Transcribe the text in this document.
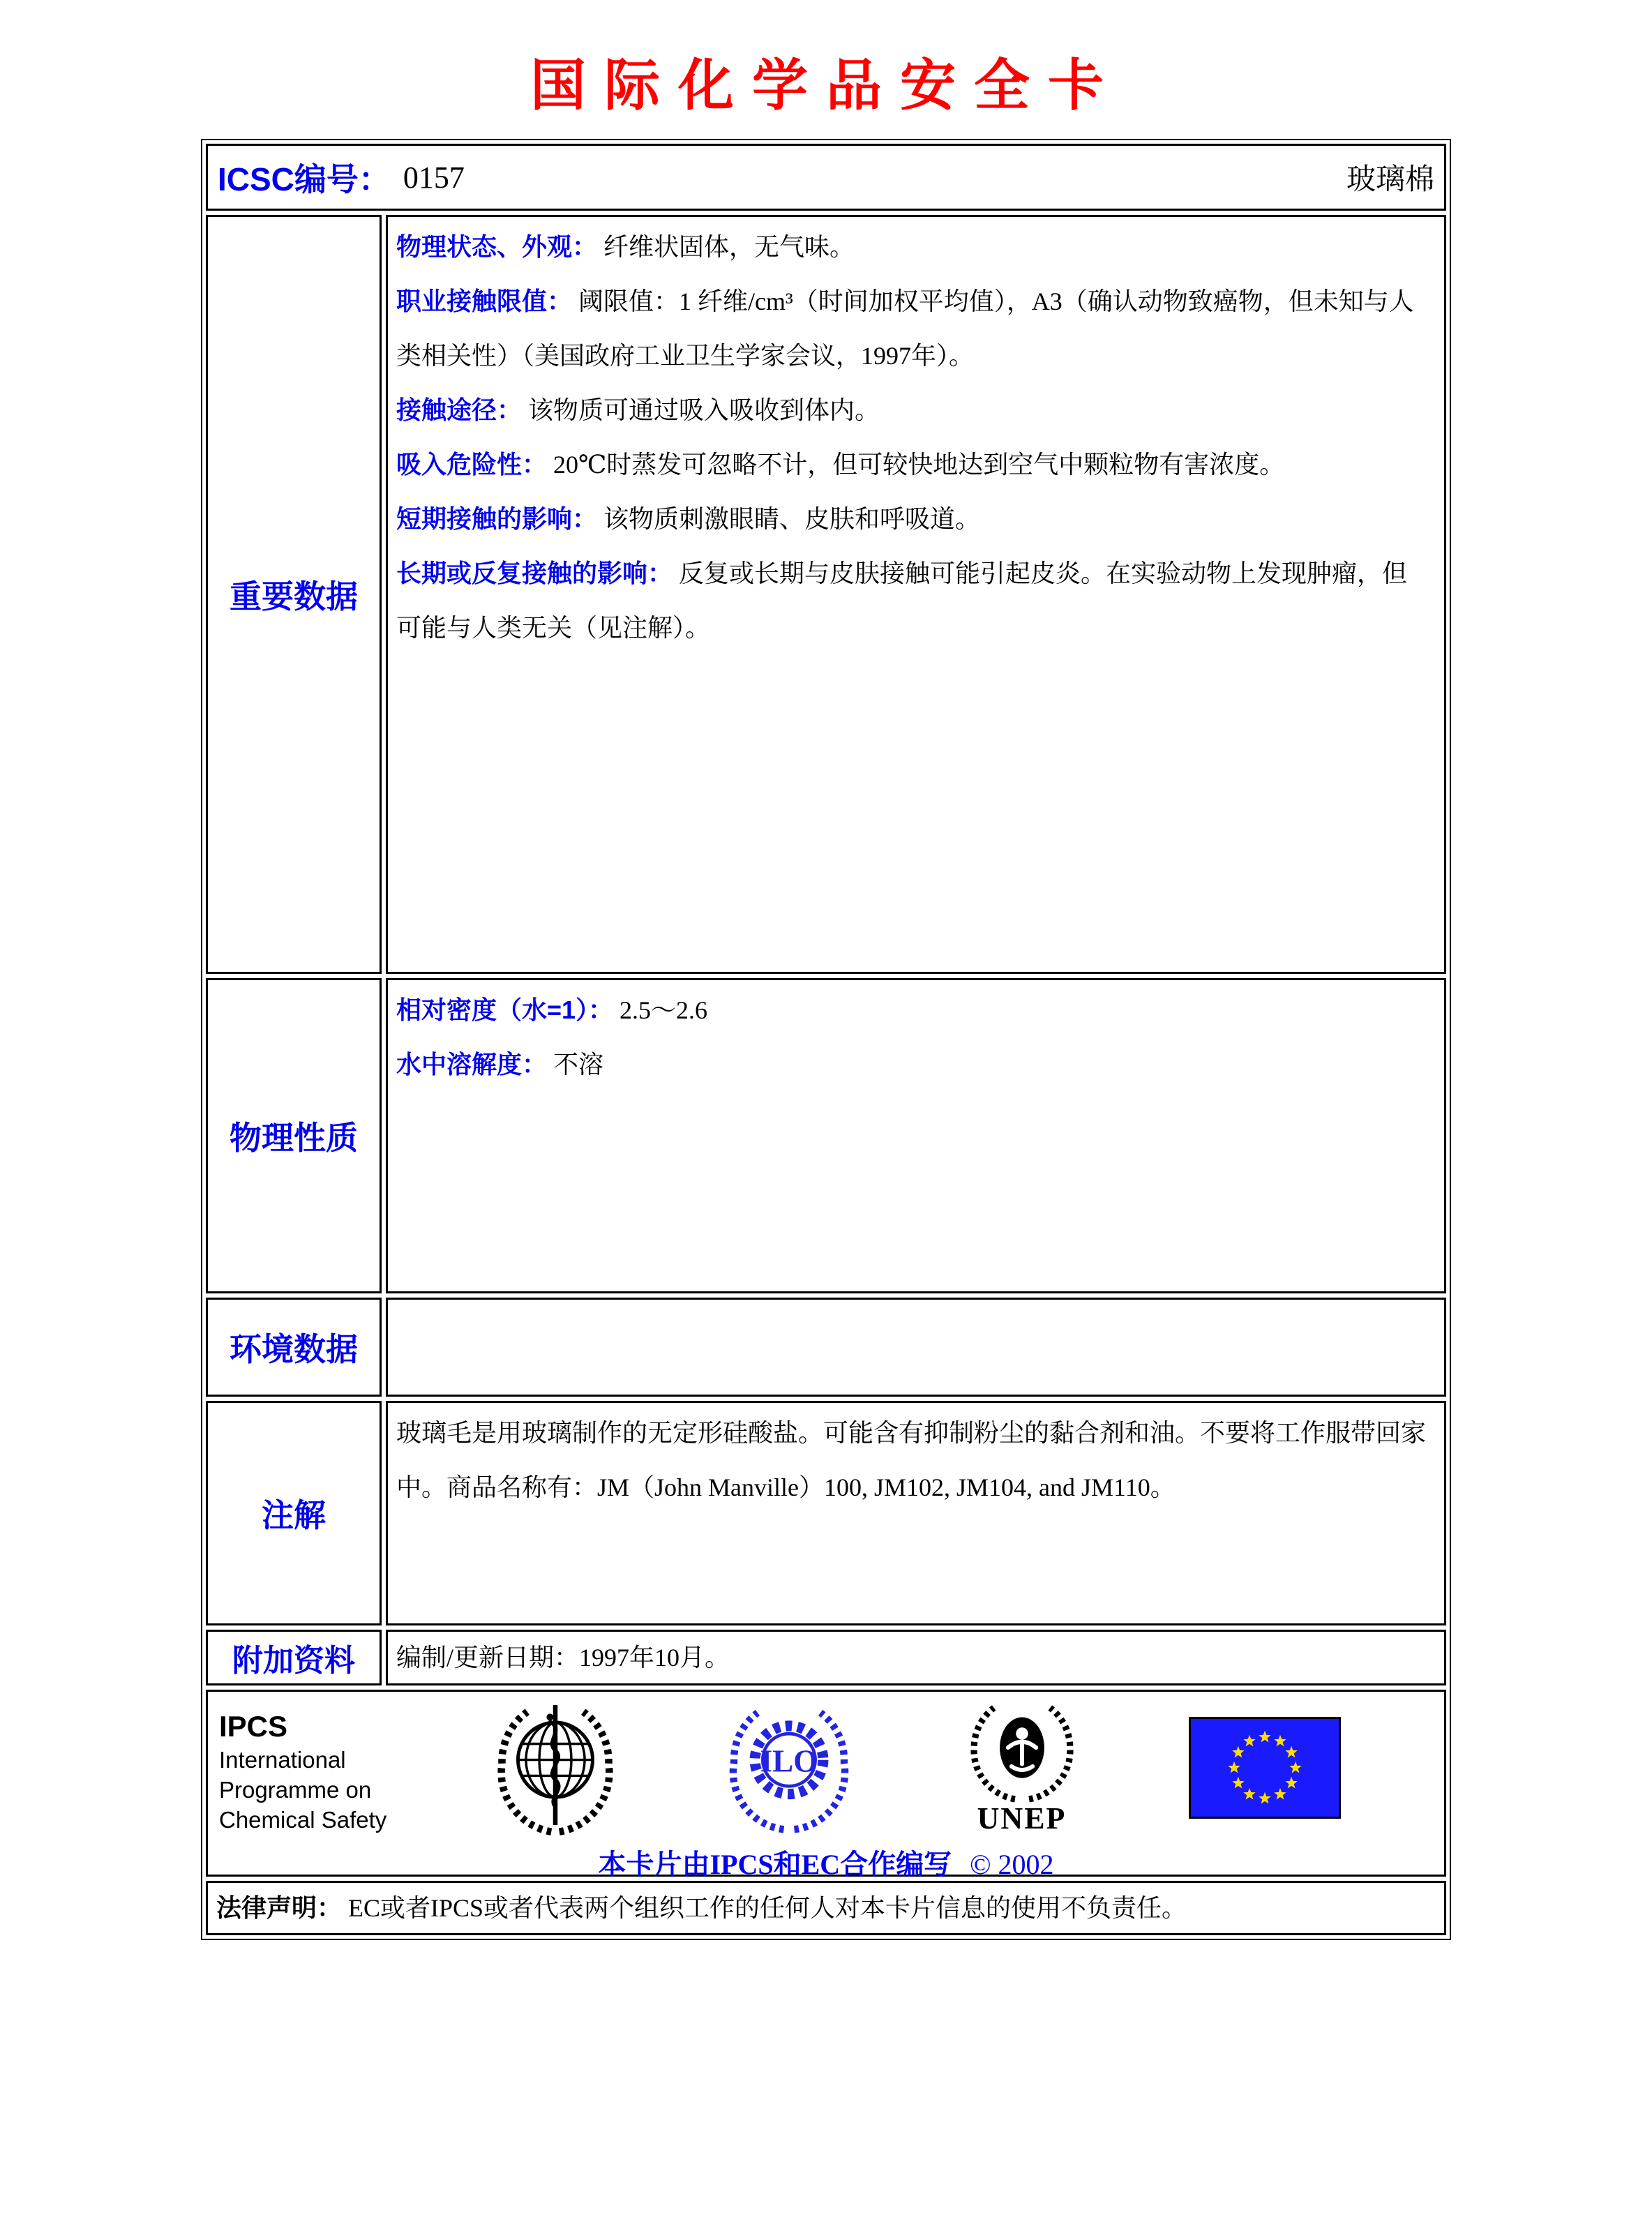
国际化学品安全卡
ICSC编号： 0157	玻璃棉
重要数据

物理状态、外观： 纤维状固体，无气味。

职业接触限值： 阈限值：1 纤维/cm³（时间加权平均值），A3（确认动物致癌物，但未知与人类相关性）（美国政府工业卫生学家会议，1997年）。

接触途径： 该物质可通过吸入吸收到体内。

吸入危险性： 20℃时蒸发可忽略不计，但可较快地达到空气中颗粒物有害浓度。

短期接触的影响： 该物质刺激眼睛、皮肤和呼吸道。

长期或反复接触的影响： 反复或长期与皮肤接触可能引起皮炎。在实验动物上发现肿瘤，但可能与人类无关（见注解）。

物理性质

相对密度（水=1）： 2.5～2.6

水中溶解度： 不溶

环境数据

注解

玻璃毛是用玻璃制作的无定形硅酸盐。可能含有抑制粉尘的黏合剂和油。不要将工作服带回家中。商品名称有：JM（John Manville）100, JM102, JM104, and JM110。

附加资料 编制/更新日期：1997年10月。

IPCS
International
Programme on
Chemical Safety
ILO
UNEP
本卡片由IPCS和EC合作编写 © 2002
法律声明： EC或者IPCS或者代表两个组织工作的任何人对本卡片信息的使用不负责任。
